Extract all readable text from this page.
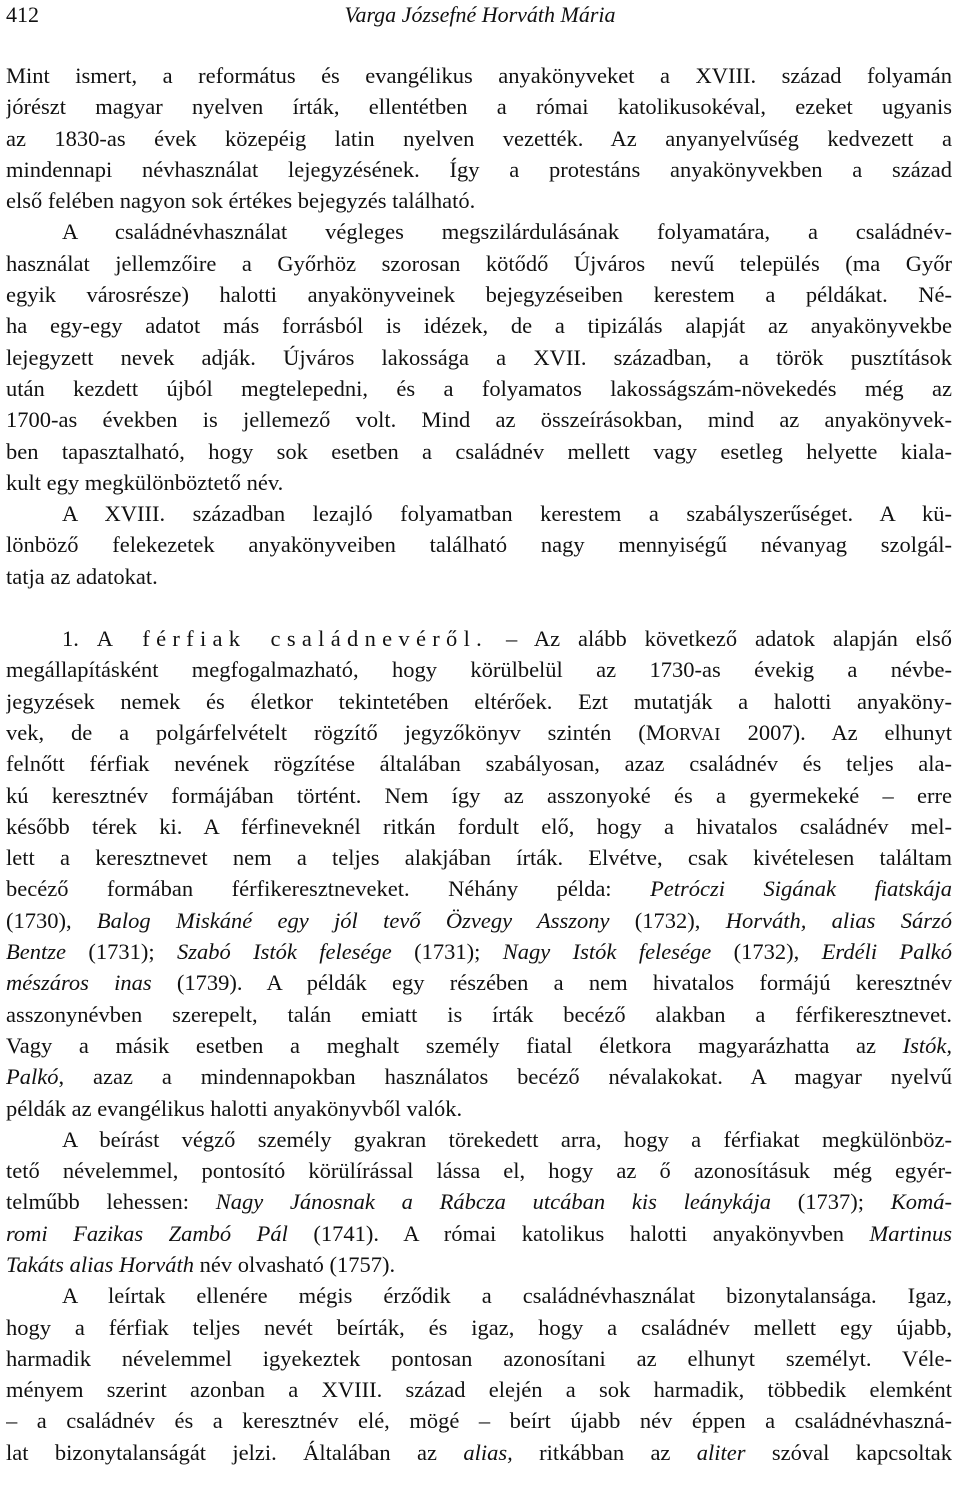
412	Varga Józsefné Horváth Mária
Mint ismert, a református és evangélikus anyakönyveket a XVIII. század folyamán
jórészt magyar nyelven írták, ellentétben a római katolikusokéval, ezeket ugyanis
az 1830-as évek közepéig latin nyelven vezették. Az anyanyelvűség kedvezett a
mindennapi névhasználat lejegyzésének. Így a protestáns anyakönyvekben a század
első felében nagyon sok értékes bejegyzés található.
A családnévhasználat végleges megszilárdulásának folyamatára, a családnév-
használat jellemzőire a Győrhöz szorosan kötődő Újváros nevű település (ma Győr
egyik városrésze) halotti anyakönyveinek bejegyzéseiben kerestem a példákat. Né-
ha egy-egy adatot más forrásból is idézek, de a tipizálás alapját az anyakönyvekbe
lejegyzett nevek adják. Újváros lakossága a XVII. században, a török pusztítások
után kezdett újból megtelepedni, és a folyamatos lakosságszám-növekedés még az
1700-as években is jellemező volt. Mind az összeírásokban, mind az anyakönyvek-
ben tapasztalható, hogy sok esetben a családnév mellett vagy esetleg helyette kiala-
kult egy megkülönböztető név.
A XVIII. században lezajló folyamatban kerestem a szabályszerűséget. A kü-
lönböző felekezetek anyakönyveiben található nagy mennyiségű névanyag szolgál-
tatja az adatokat.
1. A férfiak családnevéről. – Az alább következő adatok alapján első
megállapításként megfogalmazható, hogy körülbelül az 1730-as évekig a névbe-
jegyzések nemek és életkor tekintetében eltérőek. Ezt mutatják a halotti anyaköny-
vek, de a polgárfelvételt rögzítő jegyzőkönyv szintén (MORVAI 2007). Az elhunyt
felnőtt férfiak nevének rögzítése általában szabályosan, azaz családnév és teljes ala-
kú keresztnév formájában történt. Nem így az asszonyoké és a gyermekeké – erre
később térek ki. A férfineveknél ritkán fordult elő, hogy a hivatalos családnév mel-
lett a keresztnevet nem a teljes alakjában írták. Elvétve, csak kivételesen találtam
becéző formában férfikeresztneveket. Néhány példa: Petróczi Sigának fiatskája
(1730), Balog Miskáné egy jól tevő Özvegy Asszony (1732), Horváth, alias Sárzó
Bentze (1731); Szabó Istók felesége (1731); Nagy Istók felesége (1732), Erdéli Palkó
mészáros inas (1739). A példák egy részében a nem hivatalos formájú keresztnév
asszonynévben szerepelt, talán emiatt is írták becéző alakban a férfikeresztnevet.
Vagy a másik esetben a meghalt személy fiatal életkora magyarázhatta az Istók,
Palkó, azaz a mindennapokban használatos becéző névalakokat. A magyar nyelvű
példák az evangélikus halotti anyakönyvből valók.
A beírást végző személy gyakran törekedett arra, hogy a férfiakat megkülönböz-
tető névelemmel, pontosító körülírással lássa el, hogy az ő azonosításuk még egyér-
telműbb lehessen: Nagy Jánosnak a Rábcza utcában kis leánykája (1737); Komá-
romi Fazikas Zambó Pál (1741). A római katolikus halotti anyakönyvben Martinus
Takáts alias Horváth név olvasható (1757).
A leírtak ellenére mégis érződik a családnévhasználat bizonytalansága. Igaz,
hogy a férfiak teljes nevét beírták, és igaz, hogy a családnév mellett egy újabb,
harmadik névelemmel igyekeztek pontosan azonosítani az elhunyt személyt. Véle-
ményem szerint azonban a XVIII. század elején a sok harmadik, többedik elemként
– a családnév és a keresztnév elé, mögé – beírt újabb név éppen a családnévhaszná-
lat bizonytalanságát jelzi. Általában az alias, ritkábban az aliter szóval kapcsoltak
